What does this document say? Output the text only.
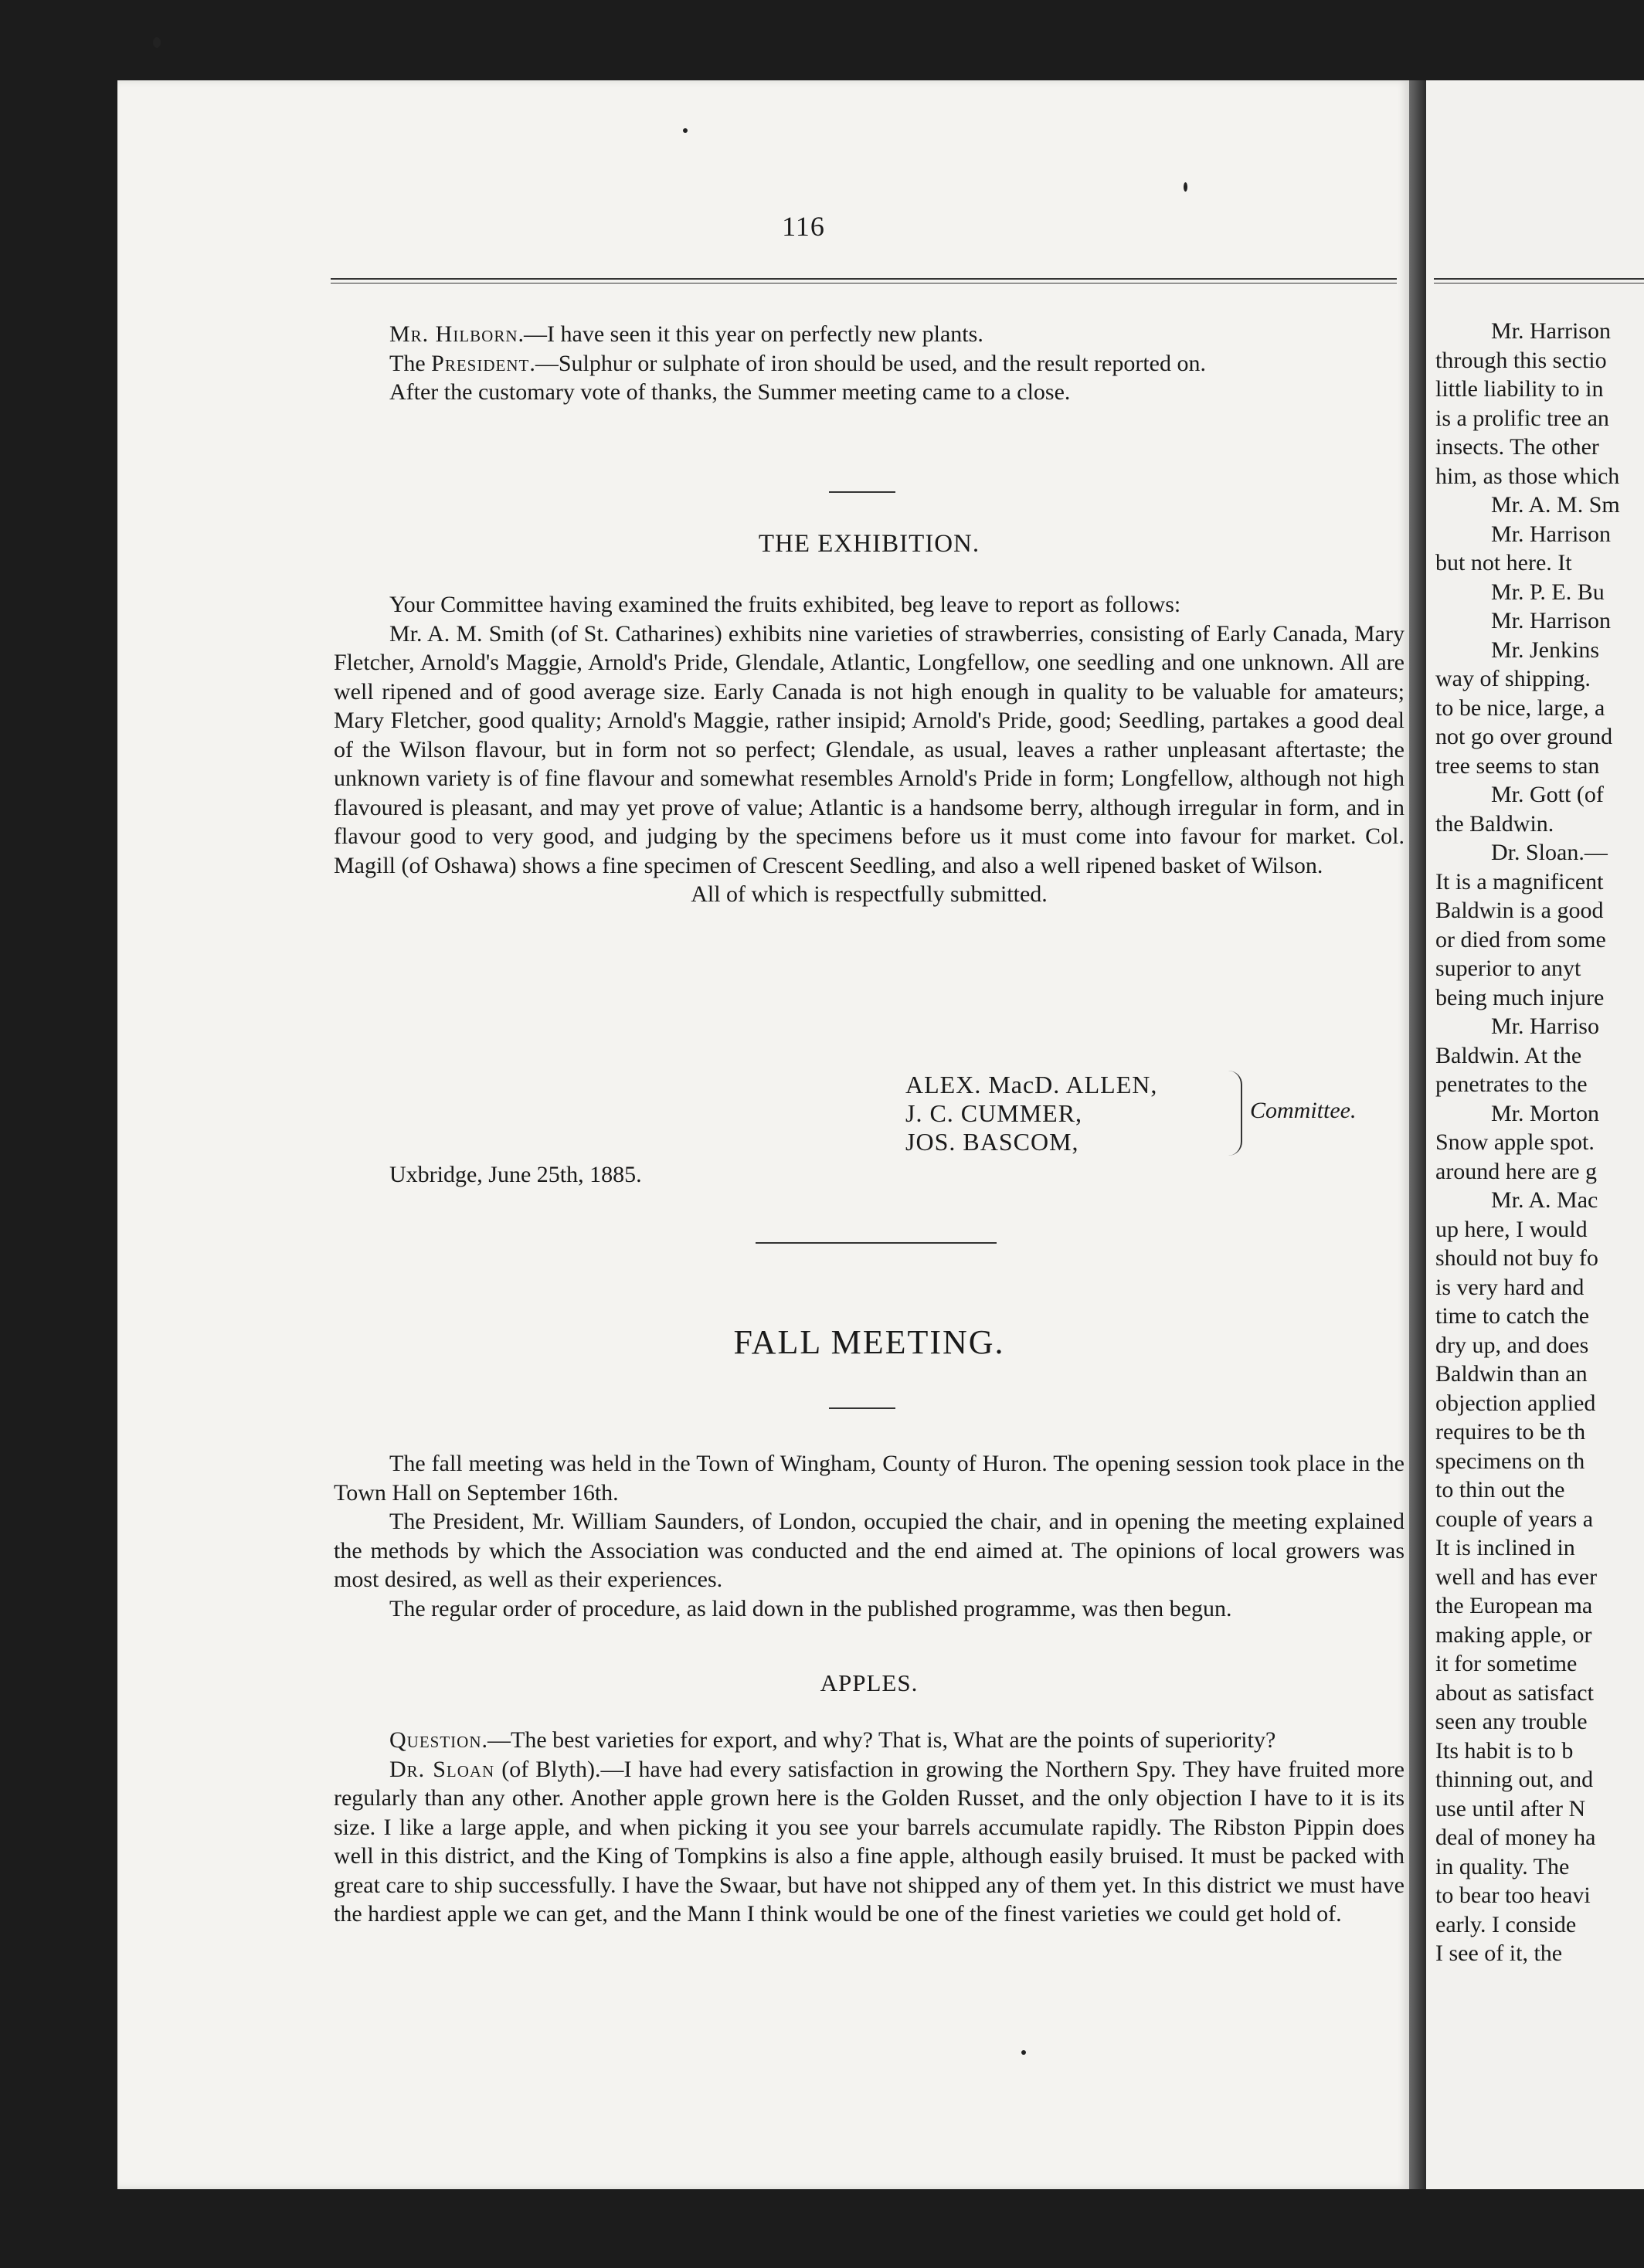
116

Mr. Hilborn.—I have seen it this year on perfectly new plants.

The President.—Sulphur or sulphate of iron should be used, and the result reported on.

After the customary vote of thanks, the Summer meeting came to a close.

THE EXHIBITION.

Your Committee having examined the fruits exhibited, beg leave to report as follows:

Mr. A. M. Smith (of St. Catharines) exhibits nine varieties of strawberries, consisting of Early Canada, Mary Fletcher, Arnold's Maggie, Arnold's Pride, Glendale, Atlantic, Longfellow, one seedling and one unknown. All are well ripened and of good average size. Early Canada is not high enough in quality to be valuable for amateurs; Mary Fletcher, good quality; Arnold's Maggie, rather insipid; Arnold's Pride, good; Seedling, partakes a good deal of the Wilson flavour, but in form not so perfect; Glendale, as usual, leaves a rather unpleasant aftertaste; the unknown variety is of fine flavour and somewhat resembles Arnold's Pride in form; Longfellow, although not high flavoured is pleasant, and may yet prove of value; Atlantic is a handsome berry, although irregular in form, and in flavour good to very good, and judging by the specimens before us it must come into favour for market. Col. Magill (of Oshawa) shows a fine specimen of Crescent Seedling, and also a well ripened basket of Wilson.

All of which is respectfully submitted.
ALEX. MacD. ALLEN,
J. C. CUMMER,
JOS. BASCOM,
Committee.
Uxbridge, June 25th, 1885.
FALL MEETING.

The fall meeting was held in the Town of Wingham, County of Huron. The opening session took place in the Town Hall on September 16th.

The President, Mr. William Saunders, of London, occupied the chair, and in opening the meeting explained the methods by which the Association was conducted and the end aimed at. The opinions of local growers was most desired, as well as their experiences.

The regular order of procedure, as laid down in the published programme, was then begun.

APPLES.

Question.—The best varieties for export, and why? That is, What are the points of superiority?

Dr. Sloan (of Blyth).—I have had every satisfaction in growing the Northern Spy. They have fruited more regularly than any other. Another apple grown here is the Golden Russet, and the only objection I have to it is its size. I like a large apple, and when picking it you see your barrels accumulate rapidly. The Ribston Pippin does well in this district, and the King of Tompkins is also a fine apple, although easily bruised. It must be packed with great care to ship successfully. I have the Swaar, but have not shipped any of them yet. In this district we must have the hardiest apple we can get, and the Mann I think would be one of the finest varieties we could get hold of.

Mr. Harrison
through this sectio
little liability to in
is a prolific tree an
insects. The other
him, as those which
Mr. A. M. Sm
Mr. Harrison
but not here. It
Mr. P. E. Bu
Mr. Harrison
Mr. Jenkins
way of shipping.
to be nice, large, a
not go over ground
tree seems to stan
Mr. Gott (of
the Baldwin.
Dr. Sloan.—
It is a magnificent
Baldwin is a good
or died from some
superior to anyt
being much injure
Mr. Harriso
Baldwin. At the
penetrates to the
Mr. Morton
Snow apple spot.
around here are g
Mr. A. Mac
up here, I would
should not buy fo
is very hard and
time to catch the
dry up, and does
Baldwin than an
objection applied
requires to be th
specimens on th
to thin out the
couple of years a
It is inclined in
well and has ever
the European ma
making apple, or
it for sometime
about as satisfact
seen any trouble
Its habit is to b
thinning out, and
use until after N
deal of money ha
in quality. The
to bear too heavi
early. I conside
I see of it, the
